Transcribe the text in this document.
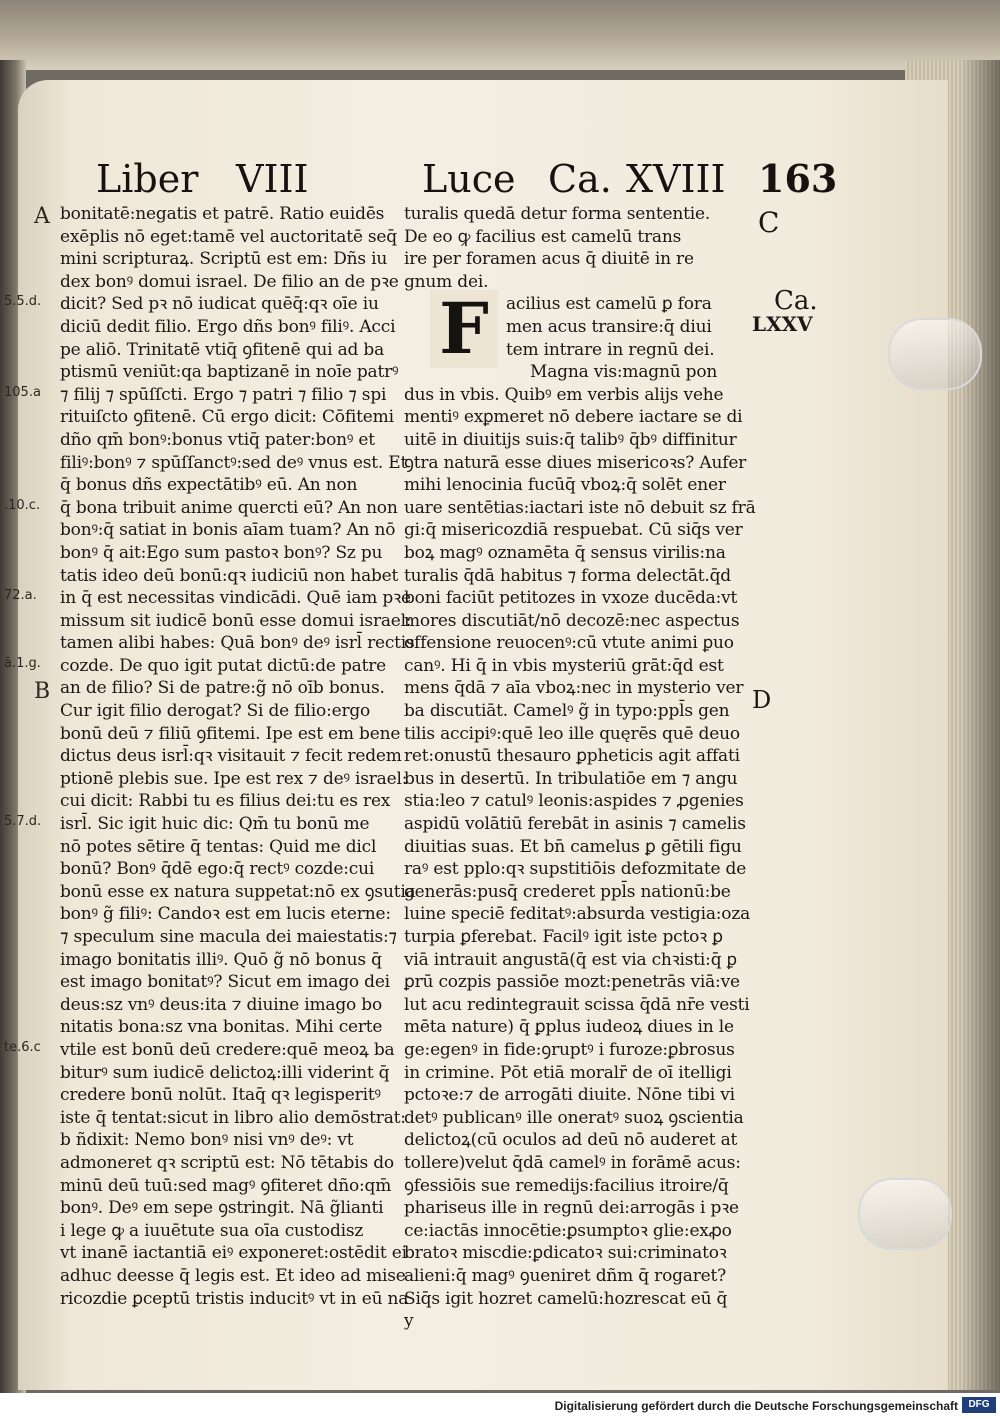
Liber VIII	Luce Ca. XVIII 163
A
5.5.d.
105.a
.10.c.
72.a.
ā.1.g.
B
5.7.d.
te.6.c

bonitatē:negatis et patrē. Ratio euidēs

exēplis nō eget:tamē vel auctoritatē seq̄

mini scripturaꝝ. Scriptū est em: Dñs iu

dex bonꝰ domui israel. De filio an de pꝛe

dicit? Sed pꝛ nō iudicat quēq̄:qꝛ oīe iu

diciū dedit filio. Ergo dñs bonꝰ filiꝰ. Acci

pe aliō. Trinitatē vtiq̄ ꝯfitenē qui ad ba

ptismū veniūt:qa baptizanē in noīe patrꝰ

⁊ filij ⁊ spūſſcti. Ergo ⁊ patri ⁊ filio ⁊ spi

rituiſcto ꝯfitenē. Cū ergo dicit: Cōfitemi

dño qm̄ bonꝰ:bonus vtiq̄ pater:bonꝰ et

filiꝰ:bonꝰ ⁊ spūſſanctꝰ:sed deꝰ vnus est. Et

q̄ bonus dñs expectātibꝰ eū. An non

q̄ bona tribuit anime quercti eū? An non

bonꝰ:q̄ satiat in bonis aīam tuam? An nō

bonꝰ q̄ ait:Ego sum pastoꝛ bonꝰ? Sz pu

tatis ideo deū bonū:qꝛ iudiciū non habet

in q̄ est necessitas vindicādi. Quē iam pꝛe

missum sit iudicē bonū esse domui israel:

tamen alibi habes: Quā bonꝰ deꝰ isrl̄ rectis

cozde. De quo igit putat dictū:de patre

an de filio? Si de patre:g̃ nō oīb bonus.

Cur igit filio derogat? Si de filio:ergo

bonū deū ⁊ filiū ꝯfitemi. Ipe est em bene

dictus deus isrl̄:qꝛ visitauit ⁊ fecit redem

ptionē plebis sue. Ipe est rex ⁊ deꝰ israel:

cui dicit: Rabbi tu es filius dei:tu es rex

isrl̄. Sic igit huic dic: Qm̄ tu bonū me

nō potes sētire q̄ tentas: Quid me dicl

bonū? Bonꝰ q̄dē ego:q̄ rectꝰ cozde:cui

bonū esse ex natura suppetat:nō ex ꝯsutia

bonꝰ g̃ filiꝰ: Candoꝛ est em lucis eterne:

⁊ speculum sine macula dei maiestatis:⁊

imago bonitatis illiꝰ. Quō g̃ nō bonus q̄

est imago bonitatꝰ? Sicut em imago dei

deus:sz vnꝰ deus:ita ⁊ diuine imago bo

nitatis bona:sz vna bonitas. Mihi certe

vtile est bonū deū credere:quē meoꝝ ba

biturꝰ sum iudicē delictoꝝ:illi viderint q̄

credere bonū nolūt. Itaq̄ qꝛ legisperitꝰ

iste q̄ tentat:sicut in libro alio demōstrat:

b ñdixit: Nemo bonꝰ nisi vnꝰ deꝰ: vt

admoneret qꝛ scriptū est: Nō tētabis do

minū deū tuū:sed magꝰ ꝯfiteret dño:qm̄

bonꝰ. Deꝰ em sepe ꝯstringit. Nā g̃lianti

i lege ꝙ a iuuētute sua oīa custodisz

vt inanē iactantiā eiꝰ exponeret:ostēdit ei

adhuc deesse q̄ legis est. Et ideo ad mise

ricozdie ꝑceptū tristis inducitꝰ vt in eū na

F

turalis quedā detur forma sententie.

De eo ꝙ facilius est camelū trans

ire per foramen acus q̄ diuitē in re

gnum dei.

acilius est camelū ꝑ fora

men acus transire:q̄ diui

tem intrare in regnū dei.

Magna vis:magnū pon

dus in vbis. Quibꝰ em verbis alijs vehe

mentiꝰ exꝑmeret nō debere iactare se di

uitē in diuitijs suis:q̄ talibꝰ q̄bꝰ diffinitur

ꝯtra naturā esse diues misericoꝛs? Aufer

mihi lenocinia fucūq̄ vboꝝ:q̄ solēt ener

uare sentētias:iactari iste nō debuit sz frā

gi:q̄ misericozdiā respuebat. Cū siq̄s ver

boꝝ magꝰ oznamēta q̄ sensus virilis:na

turalis q̄dā habitus ⁊ forma delectāt.q̄d

boni faciūt petitozes in vxoze ducēda:vt

mores discutiāt/nō decozē:nec aspectus

offensione reuocenꝰ:cū vtute animi ꝑuo

canꝰ. Hi q̄ in vbis mysteriū grāt:q̄d est

mens q̄dā ⁊ aīa vboꝝ:nec in mysterio ver

ba discutiāt. Camelꝰ g̃ in typo:ppl̄s gen

tilis accipiꝰ:quē leo ille quęrēs quē deuo

ret:onustū thesauro ꝑpheticis agit affati

bus in desertū. In tribulatiōe em ⁊ angu

stia:leo ⁊ catulꝰ leonis:aspides ⁊ ꝓgenies

aspidū volātiū ferebāt in asinis ⁊ camelis

diuitias suas. Et bn̄ camelus ꝑ gētili figu

raꝰ est pplo:qꝛ supstitiōis defozmitate de

generās:pusq̄ crederet ppl̄s nationū:be

luine speciē feditatꝰ:absurda vestigia:oza

turpia ꝑferebat. Facilꝰ igit iste pctoꝛ ꝑ

viā intrauit angustā(q̄ est via chꝛisti:q̄ ꝑ

ꝑrū cozpis passiōe mozt:penetrās viā:ve

lut acu redintegrauit scissa q̄dā nr̄e vesti

mēta nature) q̄ ꝑplus iudeoꝝ diues in le

ge:egenꝰ in fide:ꝯruptꝰ i furoze:ꝑbrosus

in crimine. Pōt etiā moralr̄ de oī itelligi

pctoꝛe:⁊ de arrogāti diuite. Nōne tibi vi

detꝰ publicanꝰ ille oneratꝰ suoꝝ ꝯscientia

delictoꝝ(cū oculos ad deū nō auderet at

tollere)velut q̄dā camelꝰ in forāmē acus:

ꝯfessiōis sue remedijs:facilius itroire/q̄

phariseus ille in regnū dei:arrogās i pꝛe

ce:iactās innocētie:ꝑsumptoꝛ glie:exꝓo

bratoꝛ miscdie:ꝑdicatoꝛ sui:criminatoꝛ

alieni:q̄ magꝰ ꝯueniret dñm q̄ rogaret?

Siq̄s igit hozret camelū:hozrescat eū q̄

y

C
Ca.
LXXV
D
Digitalisierung gefördert durch die Deutsche Forschungsgemeinschaft	DFG
